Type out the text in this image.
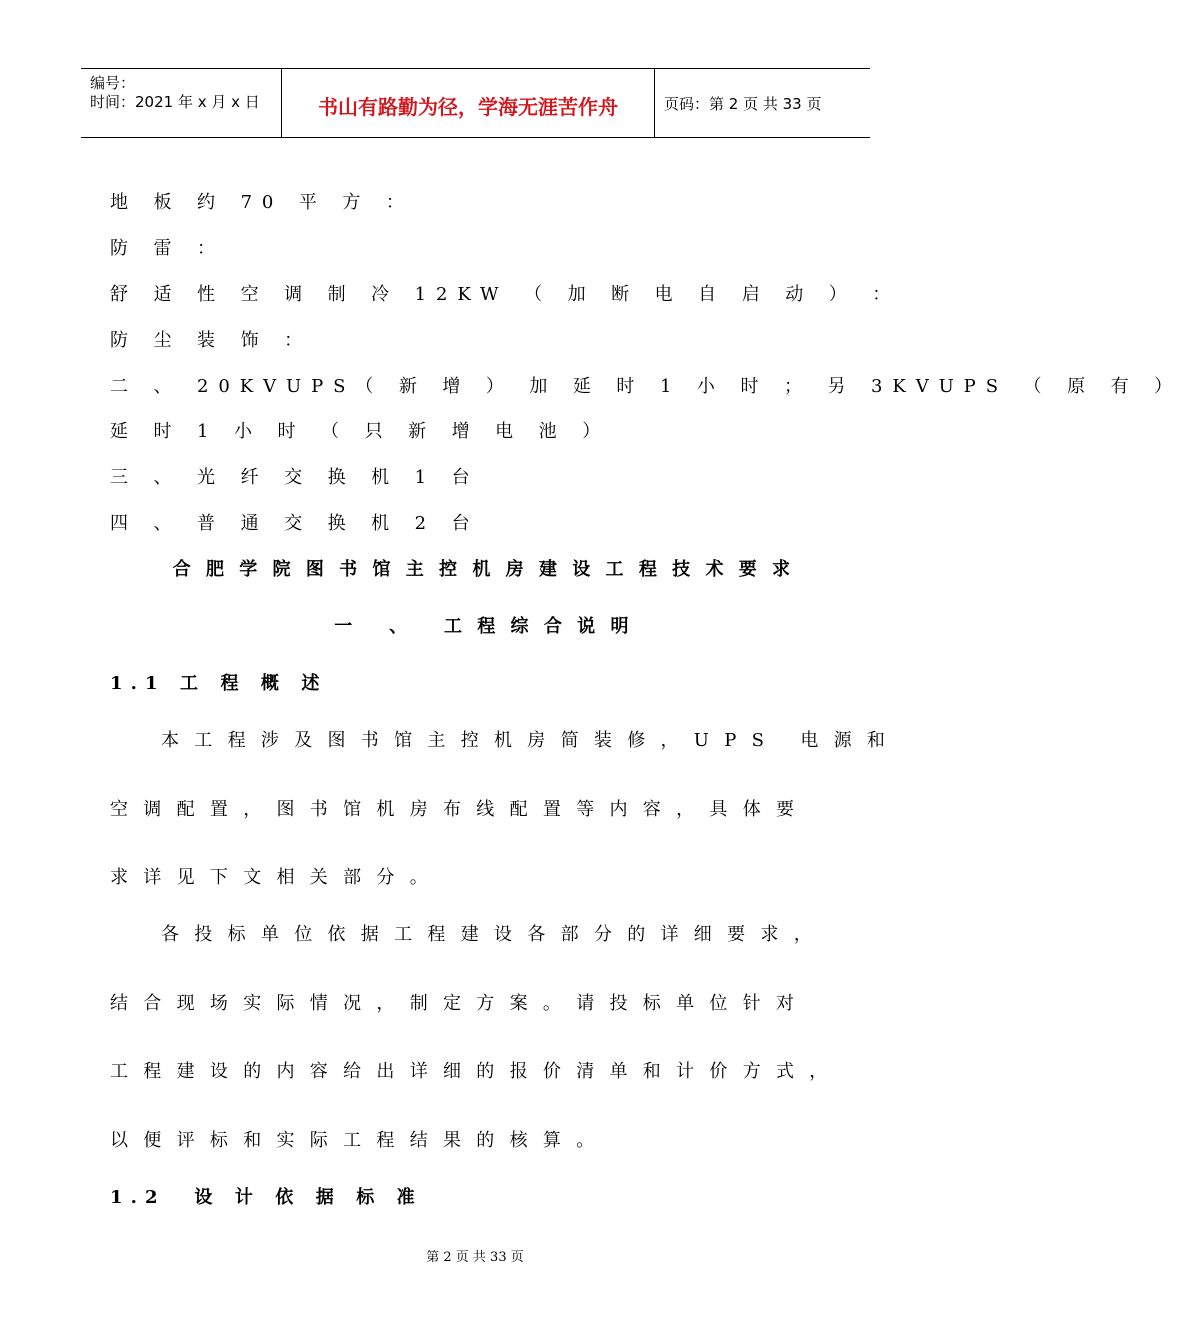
编号：
时间：2021 年 x 月 x 日	书山有路勤为径，学海无涯苦作舟	页码：第 2 页 共 33 页
地 板 约 70 平 方 ：
防 雷 ：
舒 适 性 空 调 制 冷 12KW （ 加 断 电 自 启 动 ） ：
防 尘 装 饰 ：
二 、 20KVUPS（ 新 增 ） 加 延 时 1 小 时 ； 另 3KVUPS （ 原 有 ）
延 时 1 小 时 （ 只 新 增 电 池 ）
三 、 光 纤 交 换 机 1 台
四 、 普 通 交 换 机 2 台
合肥学院图书馆主控机房建设工程技术要求
一 、 工程综合说明
1.1 工 程 概 述
本工程涉及图书馆主控机房简装修，UPS 电源和
空调配置，图书馆机房布线配置等内容，具体要
求详见下文相关部分。
各投标单位依据工程建设各部分的详细要求，
结合现场实际情况，制定方案。请投标单位针对
工程建设的内容给出详细的报价清单和计价方式，
以便评标和实际工程结果的核算。
1.2  设 计 依 据 标 准
第 2 页 共 33 页
